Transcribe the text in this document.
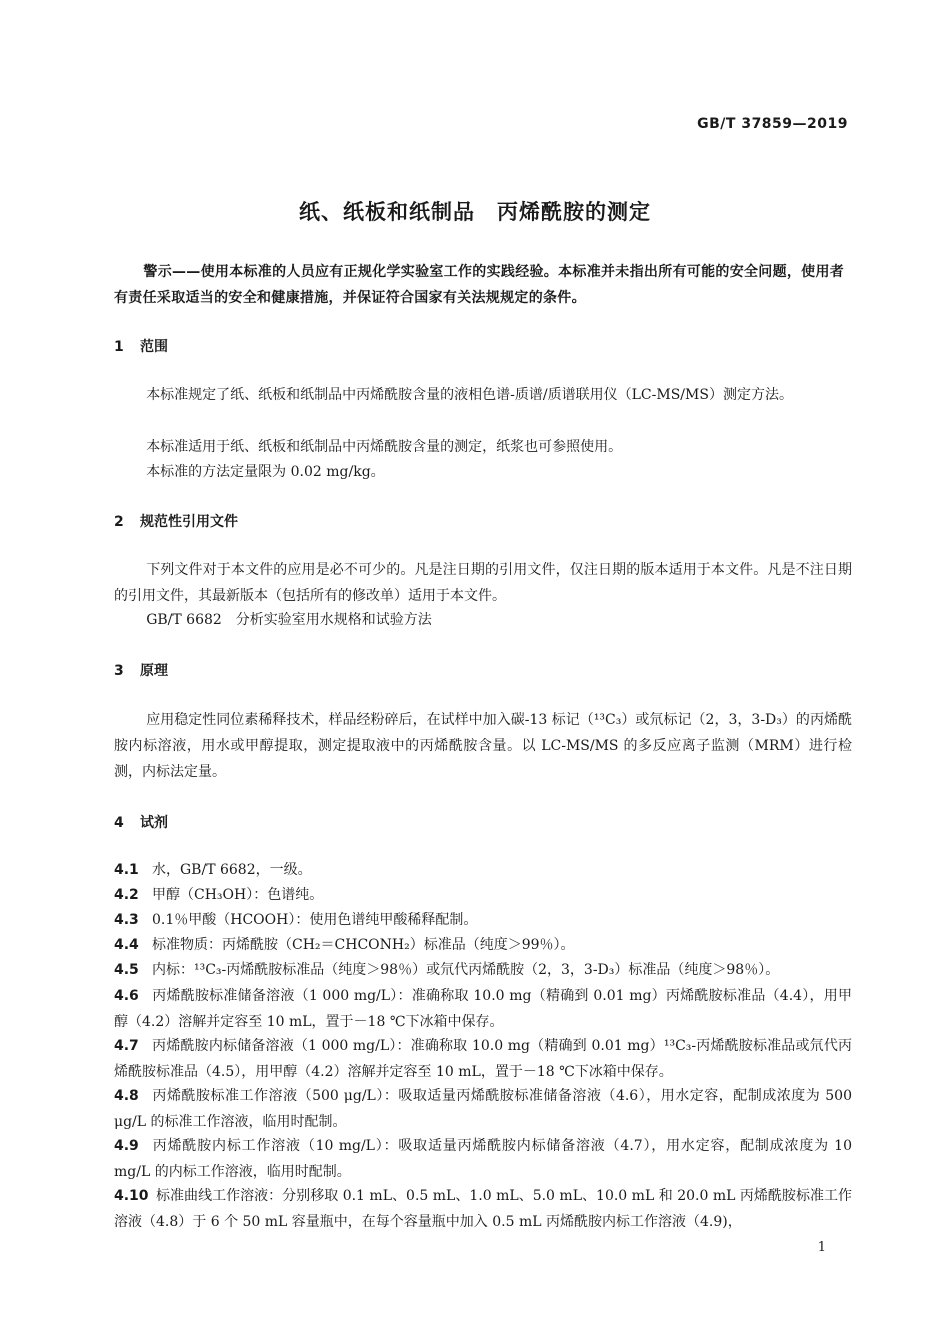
GB/T 37859—2019
纸、纸板和纸制品　丙烯酰胺的测定
警示——使用本标准的人员应有正规化学实验室工作的实践经验。本标准并未指出所有可能的安全问题，使用者有责任采取适当的安全和健康措施，并保证符合国家有关法规规定的条件。
1 范围
本标准规定了纸、纸板和纸制品中丙烯酰胺含量的液相色谱-质谱/质谱联用仪（LC-MS/MS）测定方法。
本标准适用于纸、纸板和纸制品中丙烯酰胺含量的测定，纸浆也可参照使用。
本标准的方法定量限为 0.02 mg/kg。
2 规范性引用文件
下列文件对于本文件的应用是必不可少的。凡是注日期的引用文件，仅注日期的版本适用于本文件。凡是不注日期的引用文件，其最新版本（包括所有的修改单）适用于本文件。
GB/T 6682　分析实验室用水规格和试验方法
3 原理
应用稳定性同位素稀释技术，样品经粉碎后，在试样中加入碳-13 标记（¹³C₃）或氘标记（2，3，3-D₃）的丙烯酰胺内标溶液，用水或甲醇提取，测定提取液中的丙烯酰胺含量。以 LC-MS/MS 的多反应离子监测（MRM）进行检测，内标法定量。
4 试剂
4.1 水，GB/T 6682，一级。
4.2 甲醇（CH₃OH）：色谱纯。
4.3 0.1％甲酸（HCOOH）：使用色谱纯甲酸稀释配制。
4.4 标准物质：丙烯酰胺（CH₂＝CHCONH₂）标准品（纯度＞99％）。
4.5 内标：¹³C₃-丙烯酰胺标准品（纯度＞98％）或氘代丙烯酰胺（2，3，3-D₃）标准品（纯度＞98％）。
4.6 丙烯酰胺标准储备溶液（1 000 mg/L）：准确称取 10.0 mg（精确到 0.01 mg）丙烯酰胺标准品（4.4），用甲醇（4.2）溶解并定容至 10 mL，置于－18 ℃下冰箱中保存。
4.7 丙烯酰胺内标储备溶液（1 000 mg/L）：准确称取 10.0 mg（精确到 0.01 mg）¹³C₃-丙烯酰胺标准品或氘代丙烯酰胺标准品（4.5），用甲醇（4.2）溶解并定容至 10 mL，置于－18 ℃下冰箱中保存。
4.8 丙烯酰胺标准工作溶液（500 μg/L）：吸取适量丙烯酰胺标准储备溶液（4.6），用水定容，配制成浓度为 500 μg/L 的标准工作溶液，临用时配制。
4.9 丙烯酰胺内标工作溶液（10 mg/L）：吸取适量丙烯酰胺内标储备溶液（4.7），用水定容，配制成浓度为 10 mg/L 的内标工作溶液，临用时配制。
4.10 标准曲线工作溶液：分别移取 0.1 mL、0.5 mL、1.0 mL、5.0 mL、10.0 mL 和 20.0 mL 丙烯酰胺标准工作溶液（4.8）于 6 个 50 mL 容量瓶中，在每个容量瓶中加入 0.5 mL 丙烯酰胺内标工作溶液（4.9)，
1
